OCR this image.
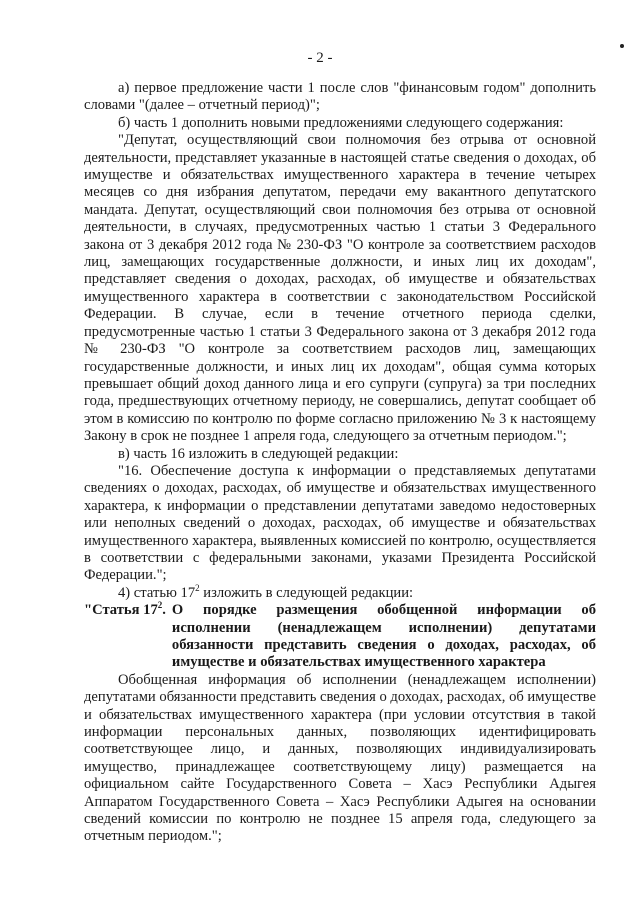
- 2 -

а) первое предложение части 1 после слов "финансовым годом" дополнить словами "(далее – отчетный период)";

б) часть 1 дополнить новыми предложениями следующего содержания:

"Депутат, осуществляющий свои полномочия без отрыва от основной деятельности, представляет указанные в настоящей статье сведения о доходах, об имуществе и обязательствах имущественного характера в течение четырех месяцев со дня избрания депутатом, передачи ему вакантного депутатского мандата. Депутат, осуществляющий свои полномочия без отрыва от основной деятельности, в случаях, предусмотренных частью 1 статьи 3 Федерального закона от 3 декабря 2012 года № 230-ФЗ "О контроле за соответствием расходов лиц, замещающих государственные должности, и иных лиц их доходам", представляет сведения о доходах, расходах, об имуществе и обязательствах имущественного характера в соответствии с законодательством Российской Федерации. В случае, если в течение отчетного периода сделки, предусмотренные частью 1 статьи 3 Федерального закона от 3 декабря 2012 года № 230-ФЗ "О контроле за соответствием расходов лиц, замещающих государственные должности, и иных лиц их доходам", общая сумма которых превышает общий доход данного лица и его супруги (супруга) за три последних года, предшествующих отчетному периоду, не совершались, депутат сообщает об этом в комиссию по контролю по форме согласно приложению № 3 к настоящему Закону в срок не позднее 1 апреля года, следующего за отчетным периодом.";

в) часть 16 изложить в следующей редакции:

"16. Обеспечение доступа к информации о представляемых депутатами сведениях о доходах, расходах, об имуществе и обязательствах имущественного характера, к информации о представлении депутатами заведомо недостоверных или неполных сведений о доходах, расходах, об имуществе и обязательствах имущественного характера, выявленных комиссией по контролю, осуществляется в соответствии с федеральными законами, указами Президента Российской Федерации.";

4) статью $17^2$ изложить в следующей редакции:

"Статья $17^2$. О порядке размещения обобщенной информации об исполнении (ненадлежащем исполнении) депутатами обязанности представить сведения о доходах, расходах, об имуществе и обязательствах имущественного характера

Обобщенная информация об исполнении (ненадлежащем исполнении) депутатами обязанности представить сведения о доходах, расходах, об имуществе и обязательствах имущественного характера (при условии отсутствия в такой информации персональных данных, позволяющих идентифицировать соответствующее лицо, и данных, позволяющих индивидуализировать имущество, принадлежащее соответствующему лицу) размещается на официальном сайте Государственного Совета – Хасэ Республики Адыгея Аппаратом Государственного Совета – Хасэ Республики Адыгея на основании сведений комиссии по контролю не позднее 15 апреля года, следующего за отчетным периодом.";
